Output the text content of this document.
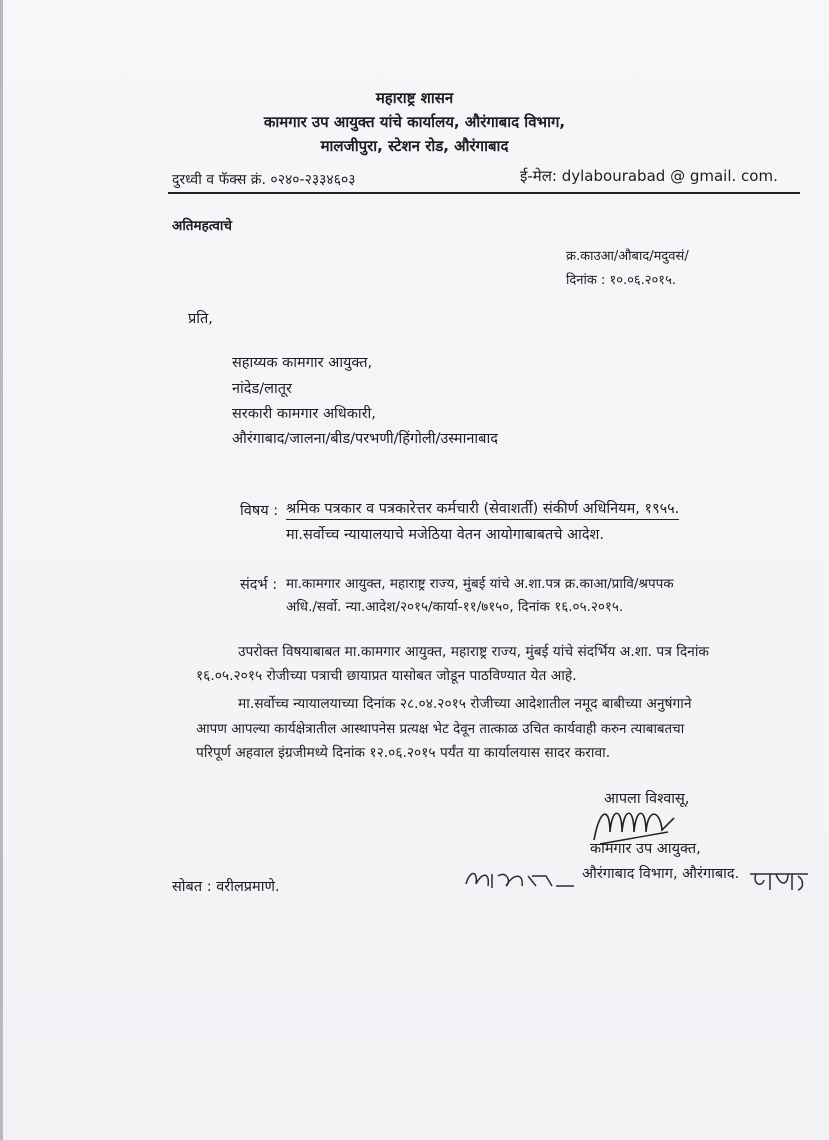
महाराष्ट्र शासन
कामगार उप आयुक्त यांचे कार्यालय, औरंगाबाद विभाग,
मालजीपुरा, स्टेशन रोड, औरंगाबाद
दुरध्वी व फॅक्स क्रं. ०२४०-२३३४६०३	ई-मेल: dylabourabad @ gmail. com.
अतिमहत्वाचे
क्र.काउआ/औबाद/मदुवसं/
दिनांक : १०.०६.२०१५.
प्रति,
सहाय्यक कामगार आयुक्त,
नांदेड/लातूर
सरकारी कामगार अधिकारी,
औरंगाबाद/जालना/बीड/परभणी/हिंगोली/उस्मानाबाद
विषय : श्रमिक पत्रकार व पत्रकारेत्तर कर्मचारी (सेवाशर्ती) संकीर्ण अधिनियम, १९५५.
मा.सर्वोच्च न्यायालयाचे मजेठिया वेतन आयोगाबाबतचे आदेश.
संदर्भ : मा.कामगार आयुक्त, महाराष्ट्र राज्य, मुंबई यांचे अ.शा.पत्र क्र.काआ/प्रावि/श्रपपक
अधि./सर्वो. न्या.आदेश/२०१५/कार्या-११/७१५०, दिनांक १६.०५.२०१५.
उपरोक्त विषयाबाबत मा.कामगार आयुक्त, महाराष्ट्र राज्य, मुंबई यांचे संदर्भिय अ.शा. पत्र दिनांक
१६.०५.२०१५ रोजीच्या पत्राची छायाप्रत यासोबत जोडून पाठविण्यात येत आहे.
मा.सर्वोच्च न्यायालयाच्या दिनांक २८.०४.२०१५ रोजीच्या आदेशातील नमूद बाबीच्या अनुषंगाने
आपण आपल्या कार्यक्षेत्रातील आस्थापनेस प्रत्यक्ष भेट देवून तात्काळ उचित कार्यवाही करुन त्याबाबतचा
परिपूर्ण अहवाल इंग्रजीमध्ये दिनांक १२.०६.२०१५ पर्यंत या कार्यालयास सादर करावा.
आपला विश्वासू,
कामगार उप आयुक्त,
औरंगाबाद विभाग, औरंगाबाद.
सोबत : वरीलप्रमाणे.
